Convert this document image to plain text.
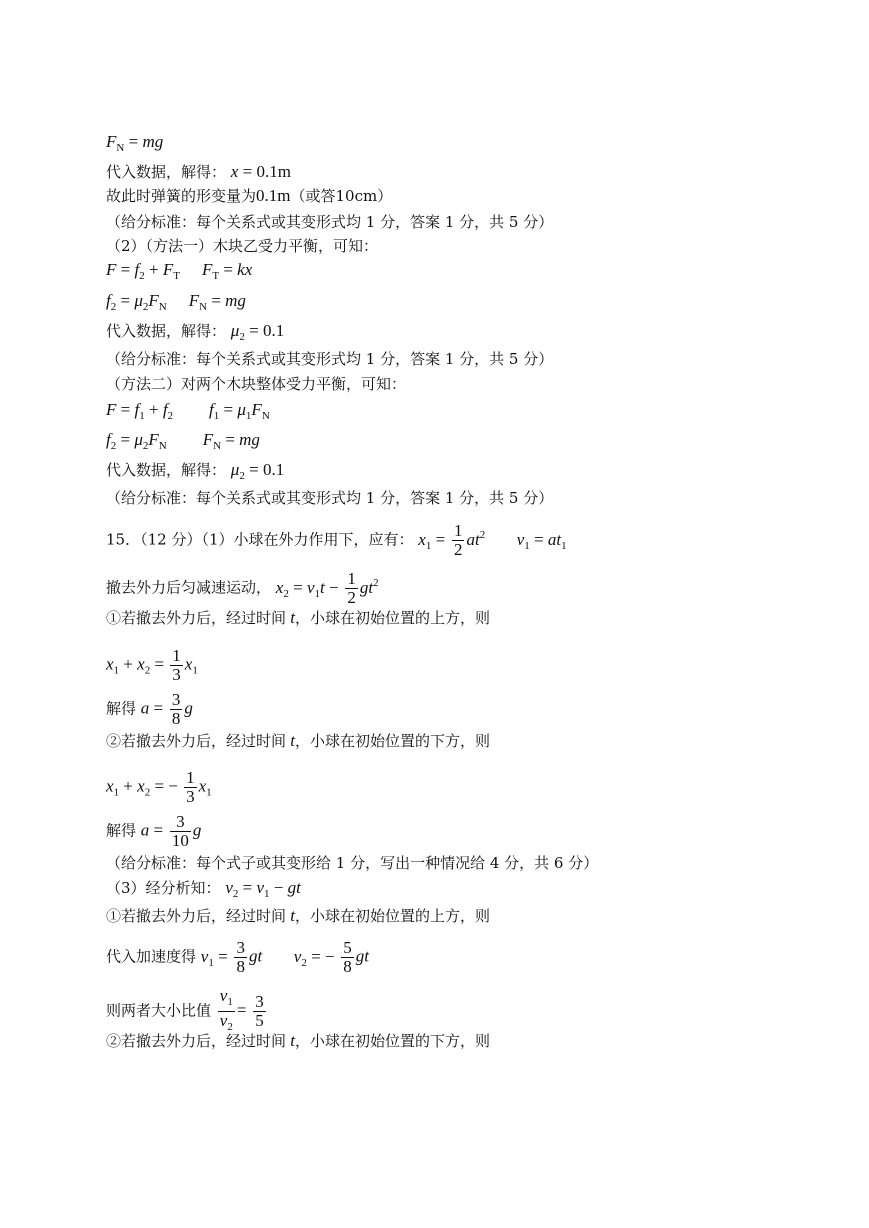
$F_N$ = mg
代入数据，解得： x = 0.1m
故此时弹簧的形变量为0.1m（或答10cm）
（给分标准：每个关系式或其变形式均 1 分，答案 1 分，共 5 分）
（2）（方法一）木块乙受力平衡，可知：
$F = f_2 + F_T$ $F_T$ = kx
$f_2 = \mu_2F_N$ $F_N$ = mg
代入数据，解得： $\mu_2 = 0.1$
（给分标准：每个关系式或其变形式均 1 分，答案 1 分，共 5 分）
（方法二）对两个木块整体受力平衡，可知：
$F = f_1 + f_2$ $f_1 = \mu_1F_N$
$f_2 = \mu_2F_N$ $F_N$ = mg
代入数据，解得： $\mu_2 = 0.1$
（给分标准：每个关系式或其变形式均 1 分，答案 1 分，共 5 分）
15．（12 分）（1）小球在外力作用下，应有： $x_1 = \frac{1}{2} at^2$ $v_1 = at_1$
撤去外力后匀减速运动， $x_2 = v_1t - \frac{1}{2} gt^2$
①若撤去外力后，经过时间 t，小球在初始位置的上方，则
$x_1 + x_2 = \frac{1}{3} x_1$
解得 $a = \frac{3}{8}$ g
②若撤去外力后，经过时间 t，小球在初始位置的下方，则
$x_1 + x_2$ = − $\frac{1}{3} x_1$
解得 $a = \frac{3}{10}$ g
（给分标准：每个式子或其变形给 1 分，写出一种情况给 4 分，共 6 分）
（3）经分析知： $v_2 = v_1$ − gt
①若撤去外力后，经过时间 t，小球在初始位置的上方，则
代入加速度得 $v_1 = \frac{3}{8}$ gt $v_2$ = − $\frac{5}{8}$ gt
则两者大小比值 $\frac{v_1}{v_2} = \frac{3}{5}$
②若撤去外力后，经过时间 t，小球在初始位置的下方，则
